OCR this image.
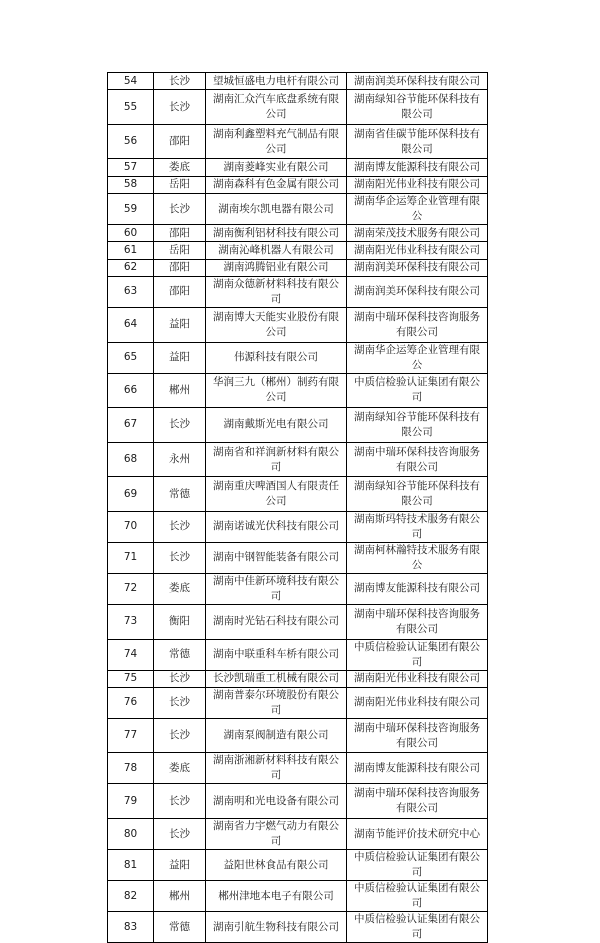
54	长沙	望城恒盛电力电杆有限公司	湖南润美环保科技有限公司
55	长沙	湖南汇众汽车底盘系统有限公司	湖南绿知谷节能环保科技有限公司
56	邵阳	湖南利鑫塑料充气制品有限公司	湖南省佳碳节能环保科技有限公司
57	娄底	湖南菱峰实业有限公司	湖南博友能源科技有限公司
58	岳阳	湖南森科有色金属有限公司	湖南阳光伟业科技有限公司
59	长沙	湖南埃尔凯电器有限公司	湖南华企运筹企业管理有限公
60	邵阳	湖南衡利铝材科技有限公司	湖南荣茂技术服务有限公司
61	岳阳	湖南沁峰机器人有限公司	湖南阳光伟业科技有限公司
62	邵阳	湖南鸿腾铝业有限公司	湖南润美环保科技有限公司
63	邵阳	湖南众德新材料科技有限公司	湖南润美环保科技有限公司
64	益阳	湖南博大天能实业股份有限公司	湖南中瑞环保科技咨询服务有限公司
65	益阳	伟源科技有限公司	湖南华企运筹企业管理有限公
66	郴州	华润三九（郴州）制药有限公司	中质信检验认证集团有限公司
67	长沙	湖南戴斯光电有限公司	湖南绿知谷节能环保科技有限公司
68	永州	湖南省和祥润新材料有限公司	湖南中瑞环保科技咨询服务有限公司
69	常德	湖南重庆啤酒国人有限责任公司	湖南绿知谷节能环保科技有限公司
70	长沙	湖南诺诚光伏科技有限公司	湖南斯玛特技术服务有限公司
71	长沙	湖南中钢智能装备有限公司	湖南柯林瀚特技术服务有限公
72	娄底	湖南中佳新环境科技有限公司	湖南博友能源科技有限公司
73	衡阳	湖南时光钻石科技有限公司	湖南中瑞环保科技咨询服务有限公司
74	常德	湖南中联重科车桥有限公司	中质信检验认证集团有限公司
75	长沙	长沙凯瑞重工机械有限公司	湖南阳光伟业科技有限公司
76	长沙	湖南普泰尔环境股份有限公司	湖南阳光伟业科技有限公司
77	长沙	湖南泵阀制造有限公司	湖南中瑞环保科技咨询服务有限公司
78	娄底	湖南浙湘新材料科技有限公司	湖南博友能源科技有限公司
79	长沙	湖南明和光电设备有限公司	湖南中瑞环保科技咨询服务有限公司
80	长沙	湖南省力宇燃气动力有限公司	湖南节能评价技术研究中心
81	益阳	益阳世林食品有限公司	中质信检验认证集团有限公司
82	郴州	郴州津地本电子有限公司	中质信检验认证集团有限公司
83	常德	湖南引航生物科技有限公司	中质信检验认证集团有限公司
